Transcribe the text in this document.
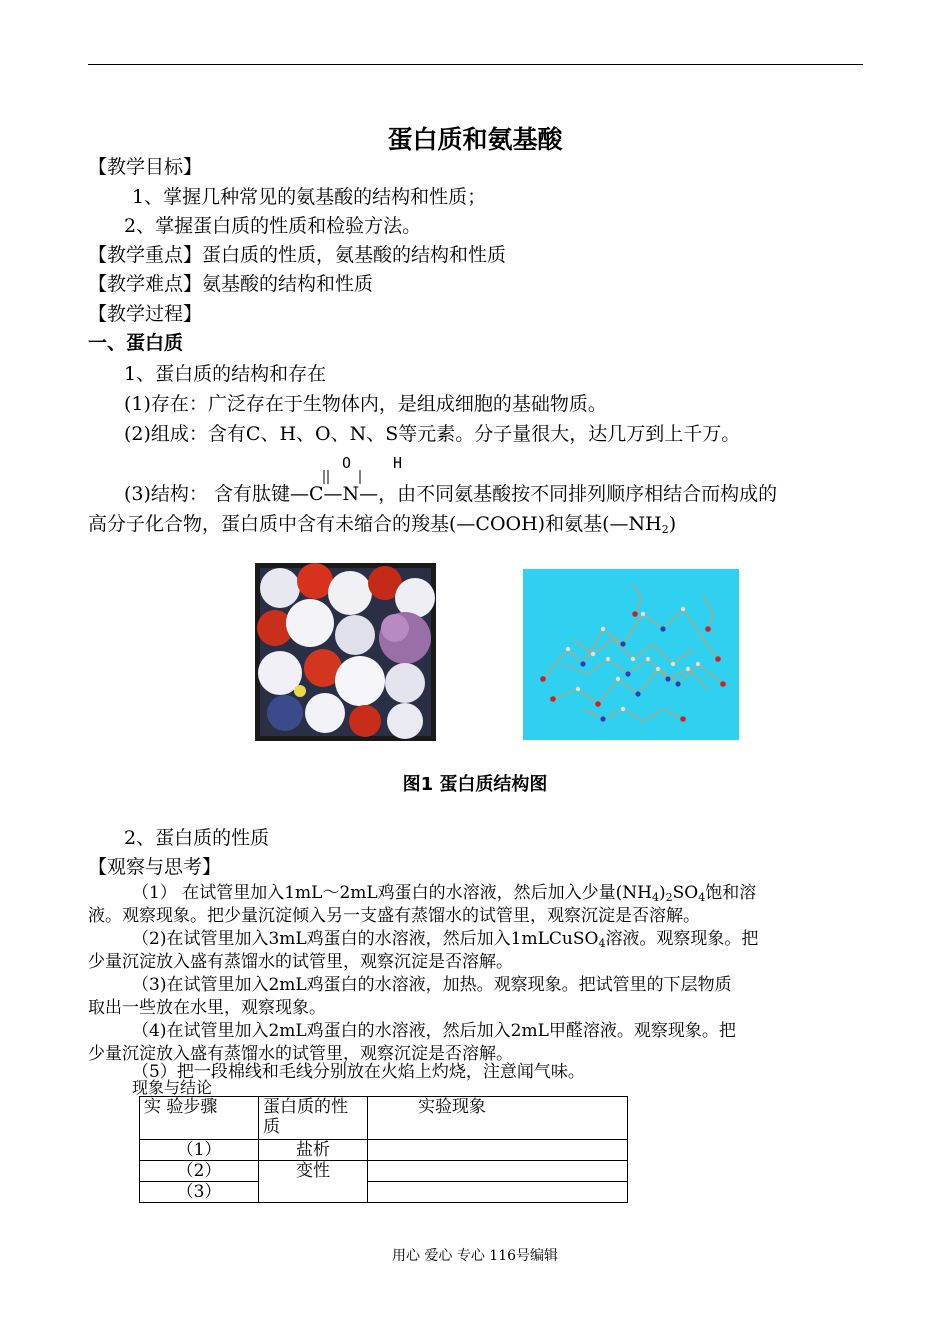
蛋白质和氨基酸
【教学目标】
1、掌握几种常见的氨基酸的结构和性质；
2、掌握蛋白质的性质和检验方法。
【教学重点】蛋白质的性质，氨基酸的结构和性质
【教学难点】氨基酸的结构和性质
【教学过程】
一、蛋白质
1、蛋白质的结构和存在
(1)存在：广泛存在于生物体内，是组成细胞的基础物质。
(2)组成：含有C、H、O、N、S等元素。分子量很大，达几万到上千万。
O	H
(3)结构： 含有肽键—C—N—，由不同氨基酸按不同排列顺序相结合而构成的
高分子化合物，蛋白质中含有未缩合的羧基(—COOH)和氨基$(—NH_2)$
图1 蛋白质结构图
2、蛋白质的性质
【观察与思考】
（1） 在试管里加入1mL～2mL鸡蛋白的水溶液，然后加入少量$(NH_4)_2SO_4$饱和溶
液。观察现象。把少量沉淀倾入另一支盛有蒸馏水的试管里，观察沉淀是否溶解。
（2)在试管里加入3mL鸡蛋白的水溶液，然后加入1mLCuSO$_4$溶液。观察现象。把
少量沉淀放入盛有蒸馏水的试管里，观察沉淀是否溶解。
（3)在试管里加入2mL鸡蛋白的水溶液，加热。观察现象。把试管里的下层物质
取出一些放在水里，观察现象。
（4)在试管里加入2mL鸡蛋白的水溶液，然后加入2mL甲醛溶液。观察现象。把
少量沉淀放入盛有蒸馏水的试管里，观察沉淀是否溶解。
（5）把一段棉线和毛线分别放在火焰上灼烧，注意闻气味。
现象与结论
实 验步骤	蛋白质的性质	实验现象
（1）	盐析	
（2）	变性	
（3）		
用心 爱心 专心 116号编辑
